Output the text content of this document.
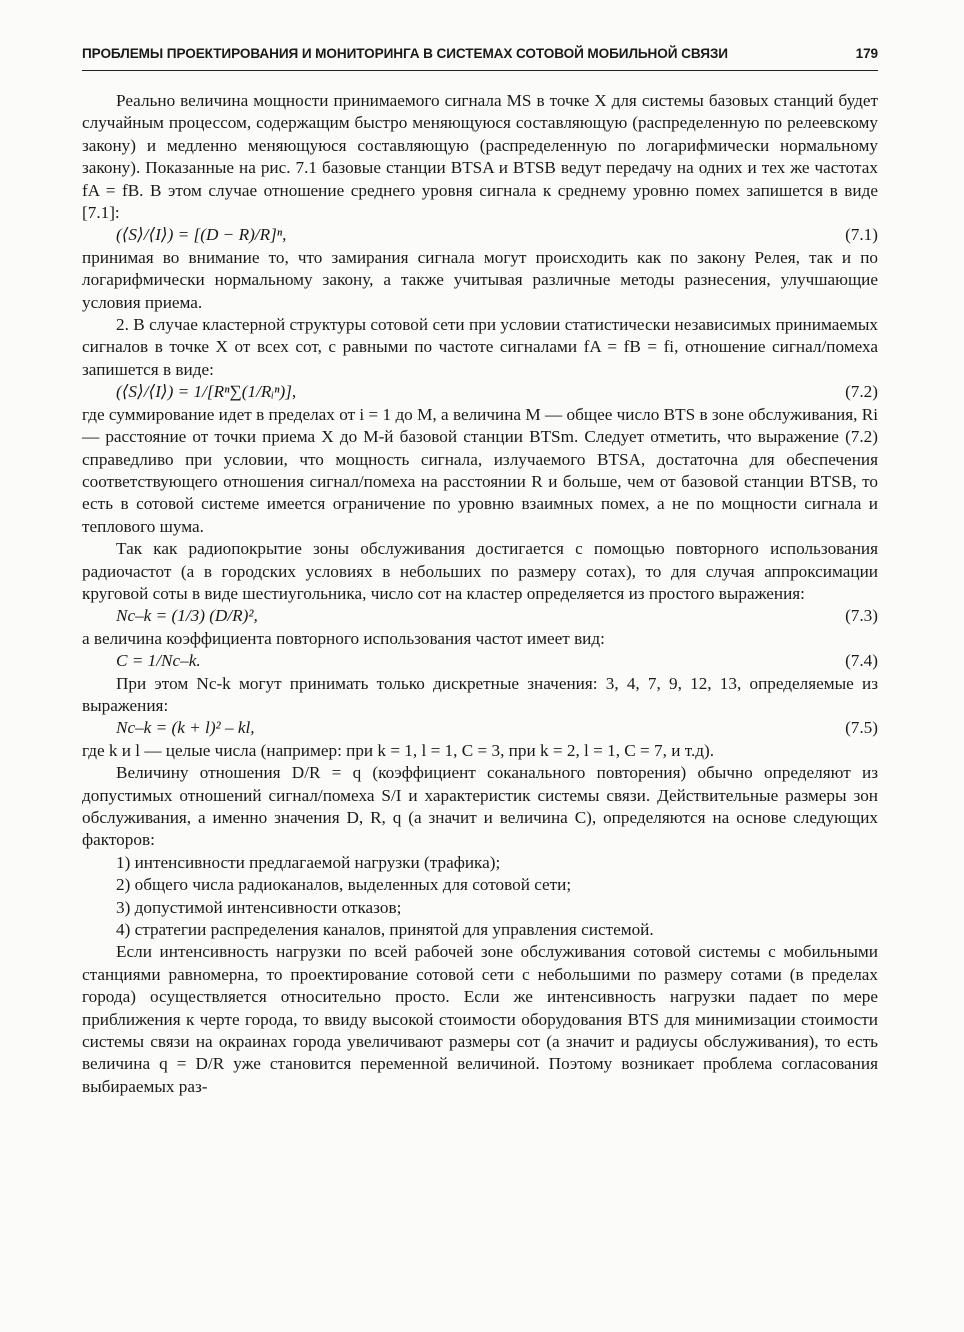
ПРОБЛЕМЫ ПРОЕКТИРОВАНИЯ И МОНИТОРИНГА В СИСТЕМАХ СОТОВОЙ МОБИЛЬНОЙ СВЯЗИ	179

Реально величина мощности принимаемого сигнала MS в точке X для системы базовых станций будет случайным процессом, содержащим быстро меняющуюся составляющую (распределенную по релеевскому закону) и медленно меняющуюся составляющую (распределенную по логарифмически нормальному закону). Показанные на рис. 7.1 базовые станции BTSA и BTSB ведут передачу на одних и тех же частотах fA = fB. В этом случае отношение среднего уровня сигнала к среднему уровню помех запишется в виде [7.1]:

(⟨S⟩/⟨I⟩) = [(D − R)/R]ⁿ,	(7.1)

принимая во внимание то, что замирания сигнала могут происходить как по закону Релея, так и по логарифмически нормальному закону, а также учитывая различные методы разнесения, улучшающие условия приема.

2. В случае кластерной структуры сотовой сети при условии статистически независимых принимаемых сигналов в точке X от всех сот, с равными по частоте сигналами fA = fB = fi, отношение сигнал/помеха запишется в виде:

(⟨S⟩/⟨I⟩) = 1/[Rⁿ∑(1/Rᵢⁿ)],	(7.2)

где суммирование идет в пределах от i = 1 до M, а величина M — общее число BTS в зоне обслуживания, Ri — расстояние от точки приема X до M-й базовой станции BTSm. Следует отметить, что выражение (7.2) справедливо при условии, что мощность сигнала, излучаемого BTSA, достаточна для обеспечения соответствующего отношения сигнал/помеха на расстоянии R и больше, чем от базовой станции BTSB, то есть в сотовой системе имеется ограничение по уровню взаимных помех, а не по мощности сигнала и теплового шума.

Так как радиопокрытие зоны обслуживания достигается с помощью повторного использования радиочастот (а в городских условиях в небольших по размеру сотах), то для случая аппроксимации круговой соты в виде шестиугольника, число сот на кластер определяется из простого выражения:

Nc–k = (1/3) (D/R)²,	(7.3)

а величина коэффициента повторного использования частот имеет вид:

C = 1/Nc–k.	(7.4)

При этом Nc-k могут принимать только дискретные значения: 3, 4, 7, 9, 12, 13, определяемые из выражения:

Nc–k = (k + l)² – kl,	(7.5)

где k и l — целые числа (например: при k = 1, l = 1, C = 3, при k = 2, l = 1, C = 7, и т.д).

Величину отношения D/R = q (коэффициент соканального повторения) обычно определяют из допустимых отношений сигнал/помеха S/I и характеристик системы связи. Действительные размеры зон обслуживания, а именно значения D, R, q (а значит и величина С), определяются на основе следующих факторов:

1) интенсивности предлагаемой нагрузки (трафика);

2) общего числа радиоканалов, выделенных для сотовой сети;

3) допустимой интенсивности отказов;

4) стратегии распределения каналов, принятой для управления системой.

Если интенсивность нагрузки по всей рабочей зоне обслуживания сотовой системы с мобильными станциями равномерна, то проектирование сотовой сети с небольшими по размеру сотами (в пределах города) осуществляется относительно просто. Если же интенсивность нагрузки падает по мере приближения к черте города, то ввиду высокой стоимости оборудования BTS для минимизации стоимости системы связи на окраинах города увеличивают размеры сот (а значит и радиусы обслуживания), то есть величина q = D/R уже становится переменной величиной. Поэтому возникает проблема согласования выбираемых раз-
